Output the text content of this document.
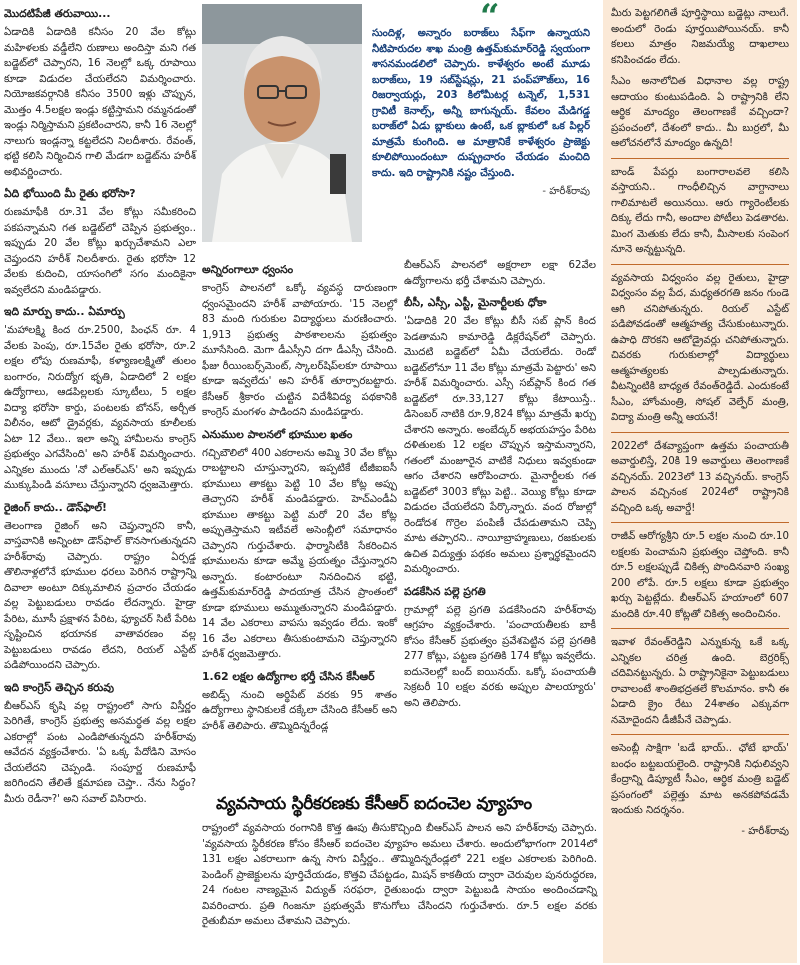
మొదటిపేజీ తరువాయి...

ఏడాదికి ఏడాదికి కనీసం 20 వేల కోట్లు మహిళలకు వడ్డీలేని రుణాలు అందిస్తా మని గత బడ్జెట్‌లో చెప్పారని, 16 నెలల్లో ఒక్క రూపాయి కూడా విడుదల చేయలేదని విమర్శించారు. నియోజకవర్గానికి కనీసం 3500 ఇళ్లు చొప్పున, మొత్తం 4.5లక్షల ఇండ్లు కట్టిస్తామని రమ్మనడంతో ఇండ్లు నిర్మిస్తామని ప్రకటించారని, కానీ 16 నెలల్లో నాలుగు ఇండ్లన్నా కట్టలేదని నిలదీశారు. రేవంత్, భట్టి కలిసి నిర్మించిన గాలి మేడగా బడ్జెట్‌ను హరీశ్ అభివర్ణించారు.

ఏది భోయింది మీ రైతు భరోసా?

రుణమాఫీకి రూ.31 వేల కోట్లు సమీకరించి పకపన్నామని గత బడ్జెట్‌లో చెప్పిన ప్రభుత్వం.. ఇప్పుడు 20 వేల కోట్లు ఖర్చుచేశామని ఎలా చెప్తుందని హరీశ్ నిలదీశారు. రైతు భరోసా 12 వేలకు కుదించి, యాసంగిలో సగం మందికైనా ఇవ్వలేదని మండిపడ్డారు.

ఇది మార్పు కాదు.. ఏమార్పు

'మహాలక్ష్మి కింద రూ.2500, పింఛన్ రూ. 4 వేలకు పెంపు, రూ.15వేల రైతు భరోసా, రూ.2 లక్షల లోపు రుణమాఫీ, కళ్యాణలక్ష్మితో తులం బంగారం, నిరుద్యోగ భృతి, ఏడాదిలో 2 లక్షల ఉద్యోగాలు, ఆడపిల్లలకు స్కూటీలు, 5 లక్షల విద్యా భరోసా కార్డు, పంటలకు బోనస్, అర్చీత విలీనం, ఆటో డ్రైవర్లకు, వ్యవసాయ కూలీలకు ఏటా 12 వేలు.. ఇలా అన్ని హామీలను కాంగ్రెస్ ప్రభుత్వం ఎగవేసింది' అని హరీశ్ విమర్శించారు. ఎన్నికల ముందు 'నో ఎల్‌ఆర్‌ఎస్' అని ఇప్పుడు ముక్కుపిండి వసూలు చేస్తున్నారని ధ్వజమెత్తారు.

రైజింగ్ కాదు.. డౌన్‌ఫాల్!

తెలంగాణ రైజింగ్ అని చెప్తున్నారని కానీ, వాస్తవానికి అన్నింటా డౌన్‌ఫాల్ కొనసాగుతున్నదని హరీశ్‌రావు చెప్పారు. రాష్ట్రం ఏర్పడ్డ తొలినాళ్లలోనే భూముల ధరలు పెరిగిన రాష్ట్రాన్ని దివాలా అంటూ దిక్కుమాలిన ప్రచారం చేయడం వల్ల పెట్టుబడులు రావడం లేదన్నారు. హైడ్రా పేరిట, మూసీ ప్రక్షాళన పేరిట, ఫ్యూచర్ సిటీ పేరిట సృష్టించిన భయానక వాతావరణం వల్ల పెట్టుబడులు రావడం లేదని, రియల్ ఎస్టేట్ పడిపోయిందని చెప్పారు.

ఇది కాంగ్రెస్ తెచ్చిన కరువు

బీఆర్‌ఎస్ కృషి వల్ల రాష్ట్రంలో సాగు విస్తీర్ణం పెరిగితే, కాంగ్రెస్ ప్రభుత్వ అసమర్థత వల్ల లక్షల ఎకరాల్లో పంట ఎండిపోతున్నదని హరీశ్‌రావు ఆవేదన వ్యక్తంచేశారు. 'ఏ ఒక్క పేదోడిని మోసం చేయలేదని చెప్పండి. సంపూర్ణ రుణమాఫీ జరిగిందని తేలితే క్షమాపణ చెప్తా.. నేను సిద్ధం? మీరు రెడీనా?' అని సవాల్ విసిరారు.

“

సుందిళ్ల, అన్నారం బరాజ్‌లు సేఫ్‌గా ఉన్నాయని నీటిపారుదల శాఖ మంత్రి ఉత్తమ్‌కుమార్‌రెడ్డి స్వయంగా శాసనమండలిలో చెప్పారు. కాళేశ్వరం అంటే మూడు బరాజ్‌లు, 19 సబ్‌స్టేషన్లు, 21 పంప్‌హౌజ్‌లు, 16 రిజర్వాయర్లు, 203 కిలోమీటర్ల టన్నెల్, 1,531 గ్రావిటీ కెనాల్స్, అన్నీ బాగున్నయ్. కేవలం మేడిగడ్డ బరాజ్‌లో ఏడు బ్లాకులు ఉంటే, ఒక బ్లాకులో ఒక పిల్లర్ మాత్రమే కుంగింది. ఆ మాత్రానికే కాళేశ్వరం ప్రాజెక్టు కూలిపోయిందంటూ దుష్ప్రచారం చేయడం మంచిది కాదు. ఇది రాష్ట్రానికి నష్టం చేస్తుంది.

- హరీశ్‌రావు
అన్నిరంగాలూ ధ్వంసం

కాంగ్రెస్ పాలనలో ఒక్కో వ్యవస్థ దారుణంగా ధ్వంసమైందని హరీశ్ వాపోయారు. '15 నెలల్లో 83 మంది గురుకుల విద్యార్థులు మరణించారు. 1,913 ప్రభుత్వ పాఠశాలలను ప్రభుత్వం మూసేసింది. మెగా డీఎస్సీని దగా డీఎస్సీ చేసింది. ఫీజు రీయింబర్స్‌మెంట్, స్కాలర్‌షిప్‌లకూ రూపాయి కూడా ఇవ్వలేదు' అని హరీశ్ తూర్పారబట్టారు. కేసీఆర్ శ్రీకారం చుట్టిన విదేశీవిద్య పథకానికి కాంగ్రెస్ మంగళం పాడిందని మండిపడ్డారు.

ఎనుముల పాలనలో భూముల ఖతం

గచ్చిబౌలిలో 400 ఎకరాలను అమ్మి 30 వేల కోట్లు రాబట్టాలని చూస్తున్నారని, ఇప్పటికే టీజీఐఐసీ భూములు తాకట్టు పెట్టి 10 వేల కోట్ల అప్పు తెచ్చారని హరీశ్ మండిపడ్డారు. హెచ్‌ఎండీఏ భూముల తాకట్టు పెట్టి మరో 20 వేల కోట్ల అప్పుతెస్తామని ఇటీవలే అసెంబ్లీలో సమాధానం చెప్పారని గుర్తుచేశారు. ఫార్మాసిటీకి సేకరించిన భూములను కూడా అమ్మే ప్రయత్నం చేస్తున్నారని అన్నారు. కంటారంటూ నినదించిన భట్టి, ఉత్తమ్‌కుమార్‌రెడ్డి పాదయాత్ర చేసిన ప్రాంతంలో కూడా భూములు అమ్ముతున్నారని మండిపడ్డారు. 14 వేల ఎకరాలు వాపసు ఇవ్వడం లేదు. ఇంకో 16 వేల ఎకరాలు తీసుకుంటామని చెప్తున్నారని హరీశ్ ధ్వజమెత్తారు.

1.62 లక్షల ఉద్యోగాల భర్తీ చేసిన కేసీఆర్

అబిడ్స్ నుంచి అర్థిపేట్ వరకు 95 శాతం ఉద్యోగాలు స్థానికులకే దక్కేలా చేసింది కేసీఆర్ అని హరీశ్ తెలిపారు. తొమ్మిదిన్నరేండ్ల

బీఆర్‌ఎస్ పాలనలో అక్షరాలా లక్షా 62వేల ఉద్యోగాలను భర్తీ చేశామని చెప్పారు.

బీసీ, ఎస్సీ, ఎస్టీ, మైనార్టీలకు ధోకా

'ఏడాదికి 20 వేల కోట్లు బీసీ సబ్ ప్లాన్ కింద పెడతామని కామారెడ్డి డిక్లరేషన్‌లో చెప్పారు. మొదటి బడ్జెట్‌లో ఏమీ చేయలేదు. రెండో బడ్జెట్‌లోనూ 11 వేల కోట్లు మాత్రమే పెట్టారు' అని హరీశ్ విమర్శించారు. ఎస్సీ సబ్‌ప్లాన్ కింద గత బడ్జెట్‌లో రూ.33,127 కోట్లు కేటాయిస్తే.. డిసెంబర్ నాటికి రూ.9,824 కోట్లు మాత్రమే ఖర్చు చేశారని అన్నారు. అంబేద్కర్ అభయహస్తం పేరిట దళితులకు 12 లక్షల చొప్పున ఇస్తామన్నారని, గతంలో మంజూరైన వాటికే నిధులు ఇవ్వకుండా ఆగం చేశారని ఆరోపించారు. మైనార్టీలకు గత బడ్జెట్‌లో 3003 కోట్లు పెట్టి.. వెయ్యి కోట్లు కూడా విడుదల చేయలేదని పేర్కొన్నారు. వంద రోజుల్లో రెండోదశ గొర్రెల పంపిణీ చేపడుతామని చెప్పి మాట తప్పారని.. నాయీబ్రాహ్మణులు, రజకులకు ఉచిత విద్యుత్తు పథకం అమలు ప్రశ్నార్థకమైందని విమర్శించారు.

పడకేసిన పల్లె ప్రగతి

గ్రామాల్లో పల్లె ప్రగతి పడకేసిందని హరీశ్‌రావు ఆగ్రహం వ్యక్తంచేశారు. 'పంచాయతీలకు బాకీ కోసం కేసీఆర్ ప్రభుత్వం ప్రవేశపెట్టిన పల్లె ప్రగతికి 277 కోట్లు, పట్టణ ప్రగతికి 174 కోట్లు ఇవ్వలేదు. ఐదునెలల్లో బంద్ ఐయినయ్. ఒక్కో పంచాయతీ సెక్రటరీ 10 లక్షల వరకు అప్పుల పాలయ్యారు' అని తెలిపారు.

వ్యవసాయ స్థిరీకరణకు కేసీఆర్ ఐదంచెల వ్యూహం

రాష్ట్రంలో వ్యవసాయ రంగానికి కొత్త ఊపు తీసుకొచ్చింది బీఆర్‌ఎస్ పాలన అని హరీశ్‌రావు చెప్పారు. 'వ్యవసాయ స్థిరీకరణ కోసం కేసీఆర్ ఐదంచెల వ్యూహం అమలు చేశారు. అందులోభాగంగా 2014లో 131 లక్షల ఎకరాలుగా ఉన్న సాగు విస్తీర్ణం.. తొమ్మిదిన్నరేండ్లలో 221 లక్షల ఎకరాలకు పెరిగింది. పెండింగ్ ప్రాజెక్టులను పూర్తిచేయడం, కొత్తవి చేపట్టడం, మిషన్ కాకతీయ ద్వారా చెరువుల పునరుద్ధరణ, 24 గంటల నాణ్యమైన విద్యుత్ సరఫరా, రైతుబంధు ద్వారా పెట్టుబడి సాయం అందించడాన్ని వివరించారు. ప్రతి గింజనూ ప్రభుత్వమే కొనుగోలు చేసిందని గుర్తుచేశారు. రూ.5 లక్షల వరకు రైతుబీమా అమలు చేశామని చెప్పారు.

మీరు పెట్టగలిగితే పూర్తిస్థాయి బడ్జెట్లు నాలుగే. అందులో రెండు పూర్తయిపోయినయ్. కానీ కలలు మాత్రం నిజమయ్యే దాఖలాలు కనిపించడం లేదు.

సీఎం అనాలోచిత విధానాల వల్ల రాష్ట్ర ఆదాయం కుంటుపడింది. ఏ రాష్ట్రానికి లేని ఆర్థిక మాంద్యం తెలంగాణకే వచ్చిందా? ప్రపంచంలో, దేశంలో కాదు.. మీ బుర్రలో, మీ ఆలోచనలోనే మాంద్యం ఉన్నది!

బాండ్ పేపర్లు బంగారాలవలె కలిసి వస్తాయని.. గాంధీలిచ్చిన వాగ్దానాలు గాలిమాటలే అయినయి. ఆరు గ్యారెంటీలకు దిక్కు లేదు గానీ, అందాల పోటీలు పెడతారట. మింగ మెతుకు లేదు కానీ, మీసాలకు సంపెంగ నూనె అన్నట్టున్నది.

వ్యవసాయ విధ్వంసం వల్ల రైతులు, హైడ్రా విధ్వంసం వల్ల పేద, మధ్యతరగతి జనం గుండె ఆగి చనిపోతున్నరు. రియల్ ఎస్టేట్ పడిపోవడంతో ఆత్మహత్య చేసుకుంటున్నారు. ఉపాధి దొరకని ఆటోడ్రైవర్లు చనిపోతున్నారు. చివరకు గురుకులాల్లో విద్యార్థులు ఆత్మహత్యలకు పాల్పడుతున్నారు. వీటన్నింటికి బాధ్యత రేవంత్‌రెడ్డిదే. ఎందుకంటే సీఎం, హోంమంత్రి, సోషల్ వెల్ఫేర్ మంత్రి, విద్యా మంత్రి అన్నీ ఆయనే!

2022లో దేశవ్యాప్తంగా ఉత్తమ పంచాయతీ అవార్డులిస్తే, 20కి 19 అవార్డులు తెలంగాణకే వచ్చినయ్. 2023లో 13 వచ్చినయ్. కాంగ్రెస్ పాలన వచ్చినంక 2024లో రాష్ట్రానికి వచ్చింది ఒక్క అవార్డే!

రాజీవ్ ఆరోగ్యశ్రీని రూ.5 లక్షల నుంచి రూ.10 లక్షలకు పెంచామని ప్రభుత్వం చెప్తోంది. కానీ రూ.5 లక్షలప్పుడే చికిత్స పొందినవారి సంఖ్య 200 లోపే. రూ.5 లక్షలు కూడా ప్రభుత్వం ఖర్చు పెట్టట్లేదు. బీఆర్‌ఎస్ హయాంలో 607 మందికి రూ.40 కోట్లతో చికిత్స అందించినం.

ఇవాళ రేవంత్‌రెడ్డిని ఎన్నుకున్న ఒకే ఒక్క ఎన్నికల చరిత్ర ఉంది. బెర్రరిక్స్ చదివినట్టున్నరు. ఏ రాష్ట్రానికైనా పెట్టుబడులు రావాలంటే శాంతిభద్రతలే కొలమానం. కానీ ఈ ఏడాది క్రైం రేటు 24శాతం ఎక్కువగా నమోదైందని డీజీపీనే చెప్పాడు.

అసెంబ్లీ సాక్షిగా 'బడే భాయ్.. ఛోటే భాయ్' బంధం బట్టబయలైంది. రాష్ట్రానికి నిధులివ్వని కేంద్రాన్ని డిప్యూటీ సీఎం, ఆర్థిక మంత్రి బడ్జెట్ ప్రసంగంలో పల్లెత్తు మాట అనకపోవడమే ఇందుకు నిదర్శనం.

- హరీశ్‌రావు
